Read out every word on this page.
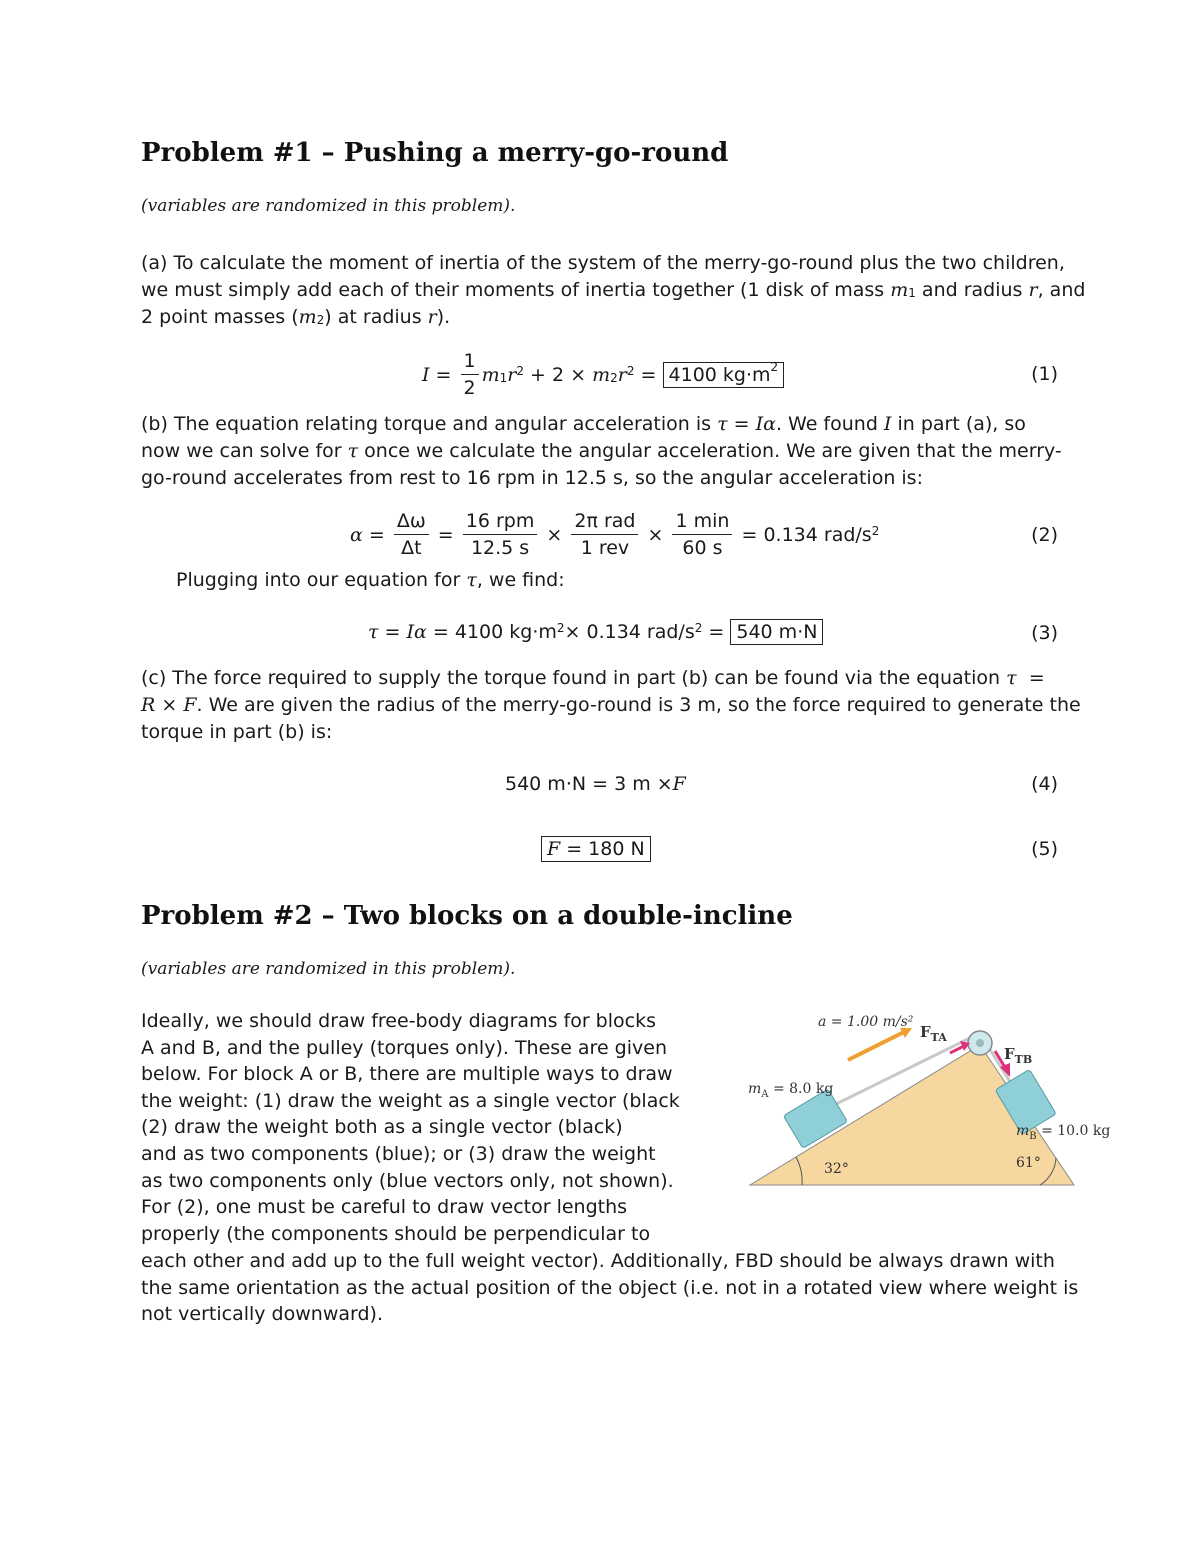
Problem #1 – Pushing a merry-go-round
(variables are randomized in this problem).
(a) To calculate the moment of inertia of the system of the merry-go-round plus the two children,
we must simply add each of their moments of inertia together (1 disk of mass $m_1$ and radius r, and
2 point masses $(m_2)$ at radius r).
$I = \frac{1}{2} m_1$ $r^2 + 2 \times m_2$ $r^2 = 4100$ $kg\cdot m^2$	(1)
(b) The equation relating torque and angular acceleration is τ = Iα. We found I in part (a), so
now we can solve for τ once we calculate the angular acceleration. We are given that the merry-
go-round accelerates from rest to 16 rpm in 12.5 s, so the angular acceleration is:
$\alpha = \frac{\Delta\omega}{\Delta t} = \frac{\text{16 rpm}}{12.5 s} \times \frac{\text{2π rad}}{\text{1 rev}} \times \frac{1 \min}{60 s}$
= 0.134 rad/$s^2$	(2)
Plugging into our equation for τ, we find:
τ = Iα
= 4100 $kg\cdot m^2 \times 0.134$ rad/$s^2 = 540$ m·N	(3)
(c) The force required to supply the torque found in part (b) can be found via the equation τ  =
R × F. We are given the radius of the merry-go-round is 3 m, so the force required to generate the
torque in part (b) is:
540 m·N = 3 m × F	(4)
F = 180 N	(5)
Problem #2 – Two blocks on a double-incline
(variables are randomized in this problem).
Ideally, we should draw free-body diagrams for blocks
A and B, and the pulley (torques only). These are given
below. For block A or B, there are multiple ways to draw
the weight: (1) draw the weight as a single vector (black
(2) draw the weight both as a single vector (black)
and as two components (blue); or (3) draw the weight
as two components only (blue vectors only, not shown).
For (2), one must be careful to draw vector lengths
properly (the components should be perpendicular to
each other and add up to the full weight vector). Additionally, FBD should be always drawn with
the same orientation as the actual position of the object (i.e. not in a rotated view where weight is
not vertically downward).
32°	61°
a = 1.00 m/s²
$F_{TA}$
$F_{TB}$
$m_A = 8.0$ kg
$m_B = 10.0$ kg
